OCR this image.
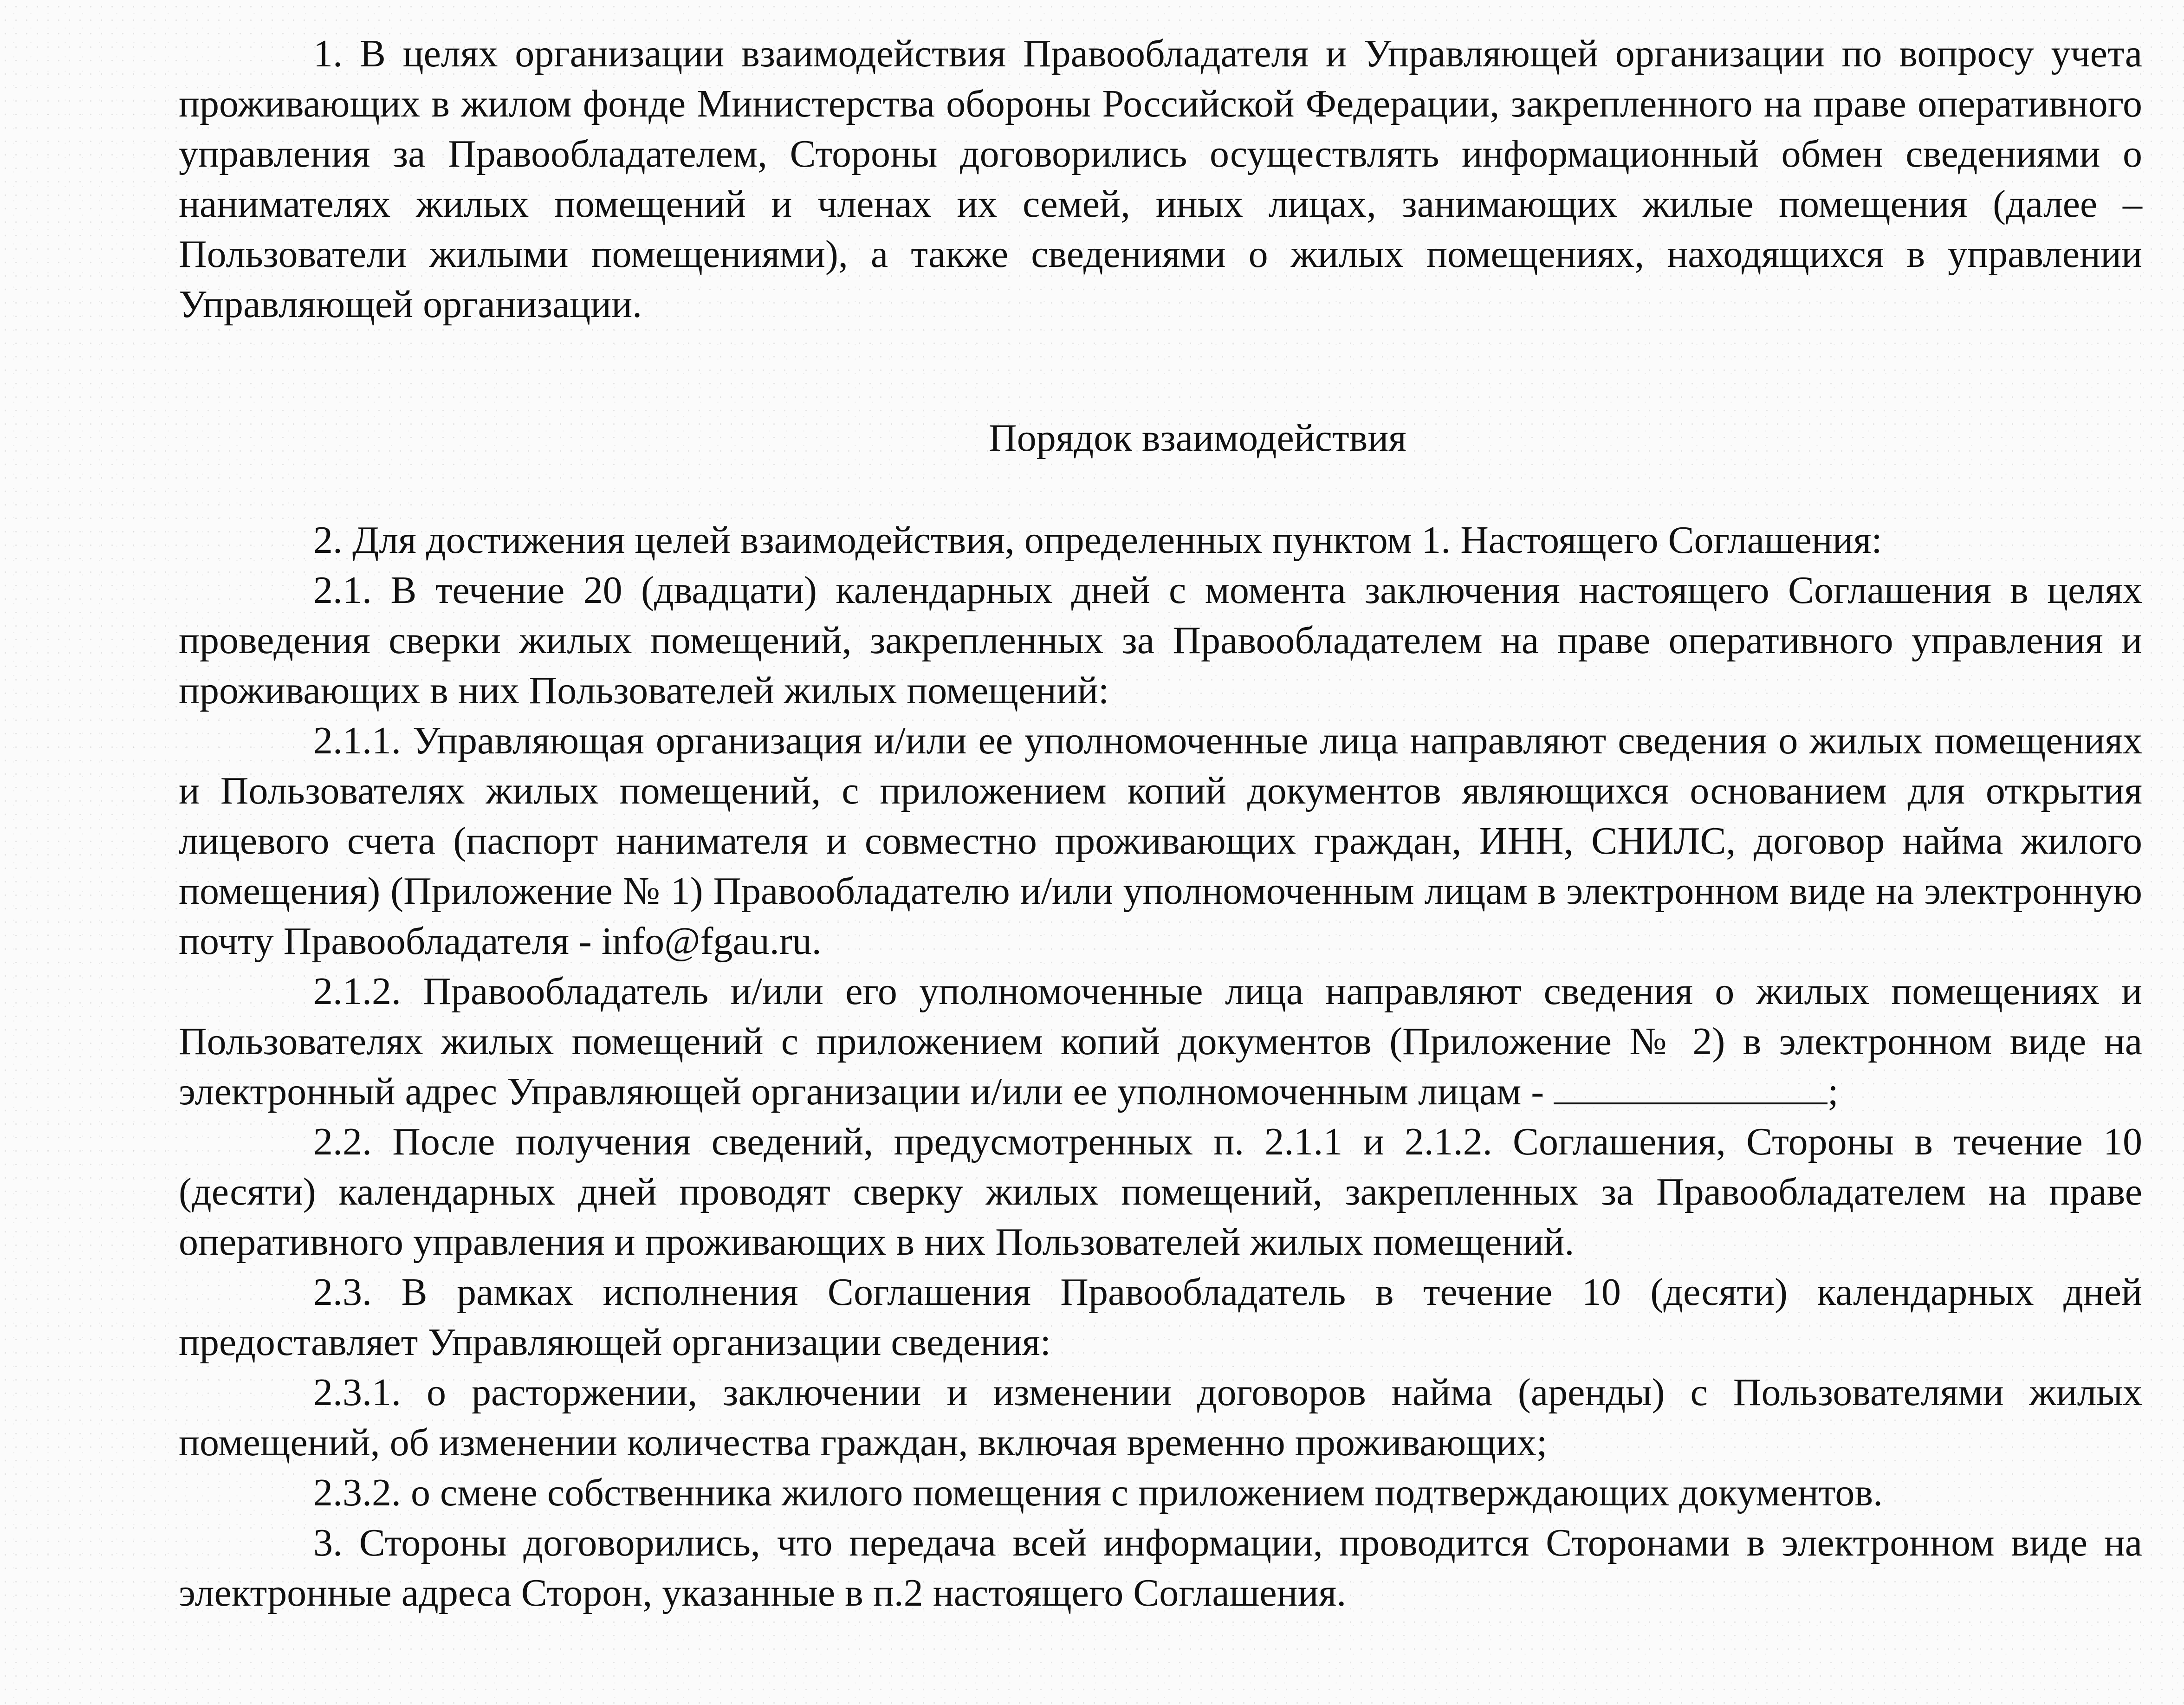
1. В целях организации взаимодействия Правообладателя и Управляющей организации по вопросу учета проживающих в жилом фонде Министерства обороны Российской Федерации, закрепленного на праве оперативного управления за Правообладателем, Стороны договорились осуществлять информационный обмен сведениями о нанимателях жилых помещений и членах их семей, иных лицах, занимающих жилые помещения (далее – Пользователи жилыми помещениями), а также сведениями о жилых помещениях, находящихся в управлении Управляющей организации.

Порядок взаимодействия

2. Для достижения целей взаимодействия, определенных пунктом 1. Настоящего Соглашения:

2.1. В течение 20 (двадцати) календарных дней с момента заключения настоящего Соглашения в целях проведения сверки жилых помещений, закрепленных за Правообладателем на праве оперативного управления и проживающих в них Пользователей жилых помещений:

2.1.1. Управляющая организация и/или ее уполномоченные лица направляют сведения о жилых помещениях и Пользователях жилых помещений, с приложением копий документов являющихся основанием для открытия лицевого счета (паспорт нанимателя и совместно проживающих граждан, ИНН, СНИЛС, договор найма жилого помещения) (Приложение № 1) Правообладателю и/или уполномоченным лицам в электронном виде на электронную почту Правообладателя - info@fgau.ru.

2.1.2. Правообладатель и/или его уполномоченные лица направляют сведения о жилых помещениях и Пользователях жилых помещений с приложением копий документов (Приложение № 2) в электронном виде на электронный адрес Управляющей организации и/или ее уполномоченным лицам -	;

2.2. После получения сведений, предусмотренных п. 2.1.1 и 2.1.2. Соглашения, Стороны в течение 10 (десяти) календарных дней проводят сверку жилых помещений, закрепленных за Правообладателем на праве оперативного управления и проживающих в них Пользователей жилых помещений.

2.3. В рамках исполнения Соглашения Правообладатель в течение 10 (десяти) календарных дней предоставляет Управляющей организации сведения:

2.3.1. о расторжении, заключении и изменении договоров найма (аренды) с Пользователями жилых помещений, об изменении количества граждан, включая временно проживающих;

2.3.2. о смене собственника жилого помещения с приложением подтверждающих документов.

3. Стороны договорились, что передача всей информации, проводится Сторонами в электронном виде на электронные адреса Сторон, указанные в п.2 настоящего Соглашения.
